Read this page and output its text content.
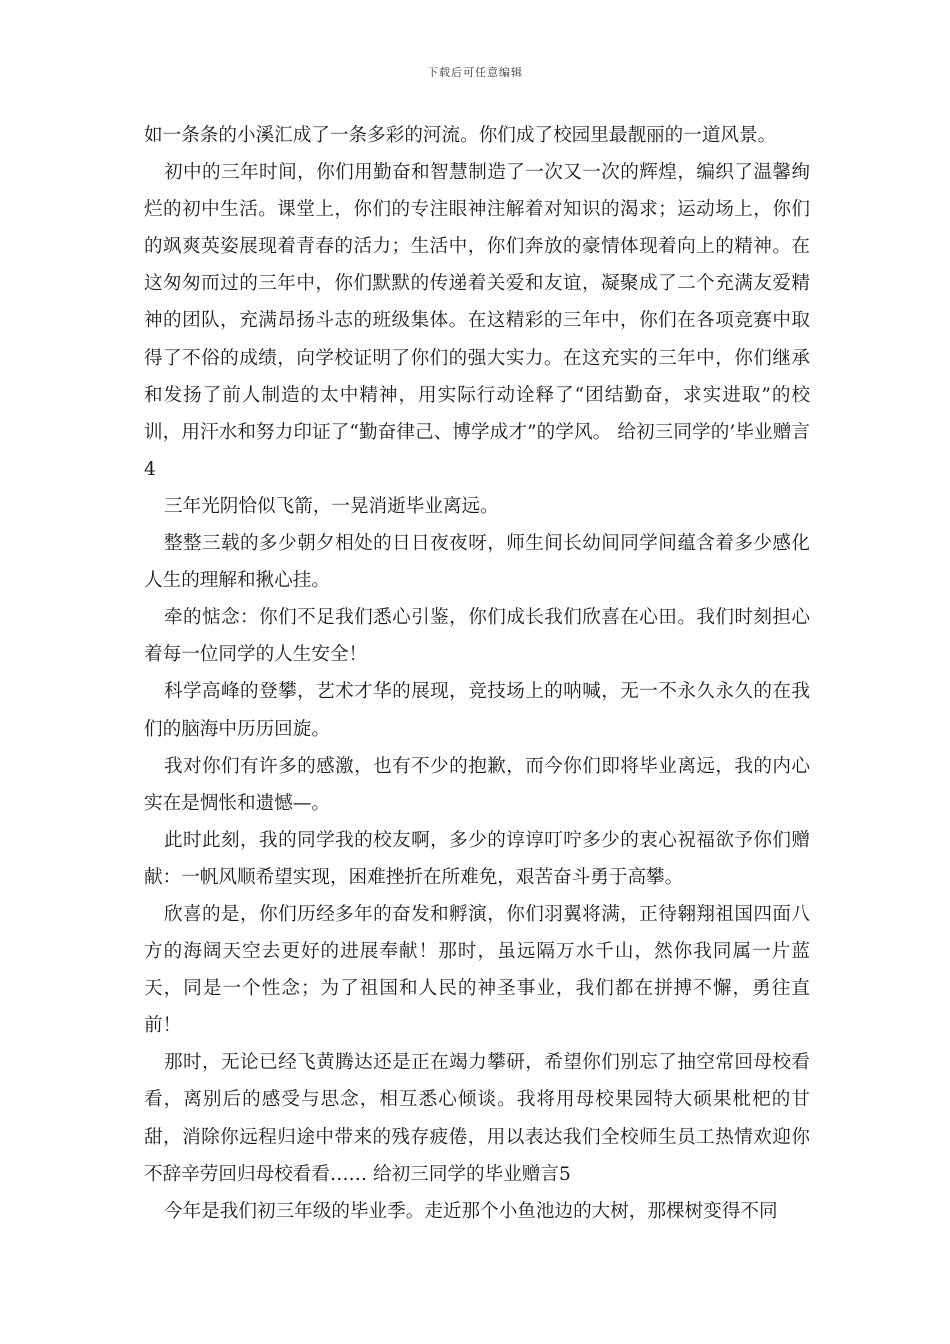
下载后可任意编辑

如一条条的小溪汇成了一条多彩的河流。你们成了校园里最靓丽的一道风景。

初中的三年时间，你们用勤奋和智慧制造了一次又一次的辉煌，编织了温馨绚烂的初中生活。课堂上，你们的专注眼神注解着对知识的渴求；运动场上，你们的飒爽英姿展现着青春的活力；生活中，你们奔放的豪情体现着向上的精神。在这匆匆而过的三年中，你们默默的传递着关爱和友谊，凝聚成了二个充满友爱精神的团队，充满昂扬斗志的班级集体。在这精彩的三年中，你们在各项竞赛中取得了不俗的成绩，向学校证明了你们的强大实力。在这充实的三年中，你们继承和发扬了前人制造的太中精神，用实际行动诠释了“团结勤奋，求实进取”的校训，用汗水和努力印证了“勤奋律己、博学成才”的学风。 给初三同学的’毕业赠言4

三年光阴恰似飞箭，一晃消逝毕业离远。

整整三载的多少朝夕相处的日日夜夜呀，师生间长幼间同学间蕴含着多少感化人生的理解和揪心挂。

牵的惦念：你们不足我们悉心引鉴，你们成长我们欣喜在心田。我们时刻担心着每一位同学的人生安全！

科学高峰的登攀，艺术才华的展现，竞技场上的呐喊，无一不永久永久的在我们的脑海中历历回旋。

我对你们有许多的感激，也有不少的抱歉，而今你们即将毕业离远，我的内心实在是惆怅和遗憾—。

此时此刻，我的同学我的校友啊，多少的谆谆叮咛多少的衷心祝福欲予你们赠献：一帆风顺希望实现，困难挫折在所难免，艰苦奋斗勇于高攀。

欣喜的是，你们历经多年的奋发和孵演，你们羽翼将满，正待翱翔祖国四面八方的海阔天空去更好的进展奉献！那时，虽远隔万水千山，然你我同属一片蓝天，同是一个性念；为了祖国和人民的神圣事业，我们都在拼搏不懈，勇往直前！

那时，无论已经飞黄腾达还是正在竭力攀研，希望你们别忘了抽空常回母校看看，离别后的感受与思念，相互悉心倾谈。我将用母校果园特大硕果枇杷的甘甜，消除你远程归途中带来的残存疲倦，用以表达我们全校师生员工热情欢迎你不辞辛劳回归母校看看…… 给初三同学的毕业赠言5

今年是我们初三年级的毕业季。走近那个小鱼池边的大树，那棵树变得不同
